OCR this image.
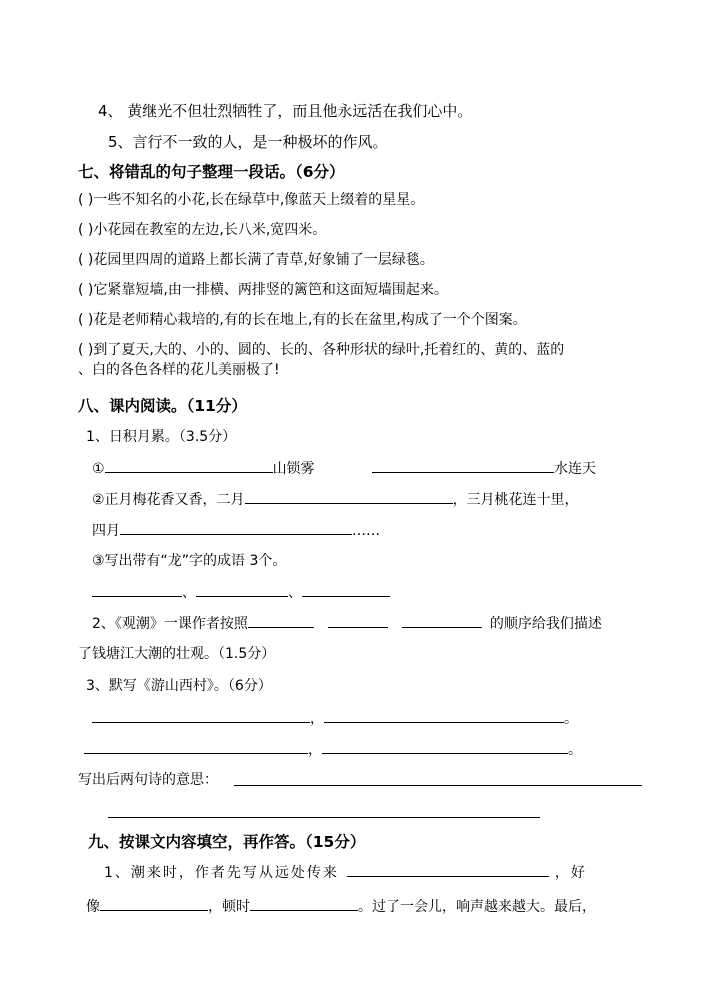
4、 黄继光不但壮烈牺牲了，而且他永远活在我们心中。
5、言行不一致的人，是一种极坏的作风。
七、将错乱的句子整理一段话。（6分）
( )一些不知名的小花,长在绿草中,像蓝天上缀着的星星。
( )小花园在教室的左边,长八米,宽四米。
( )花园里四周的道路上都长满了青草,好象铺了一层绿毯。
( )它紧靠短墙,由一排横、两排竖的篱笆和这面短墙围起来。
( )花是老师精心栽培的,有的长在地上,有的长在盆里,构成了一个个图案。
( )到了夏天,大的、小的、圆的、长的、各种形状的绿叶,托着红的、黄的、蓝的
、白的各色各样的花儿美丽极了!
八、课内阅读。（11分）
1、日积月累。（3.5分）
①	山锁雾	水连天
②正月梅花香又香，二月	，三月桃花连十里，
四月	……
③写出带有“龙”字的成语 3个。
、	、
2、《观潮》一课作者按照	的顺序给我们描述
了钱塘江大潮的壮观。（1.5分）
3、默写《游山西村》。（6分）
，	。
，	。
写出后两句诗的意思：
九、按课文内容填空，再作答。（15分）
1、潮来时，作者先写从远处传来	，好
像	，顿时	。过了一会儿，响声越来越大。最后，
